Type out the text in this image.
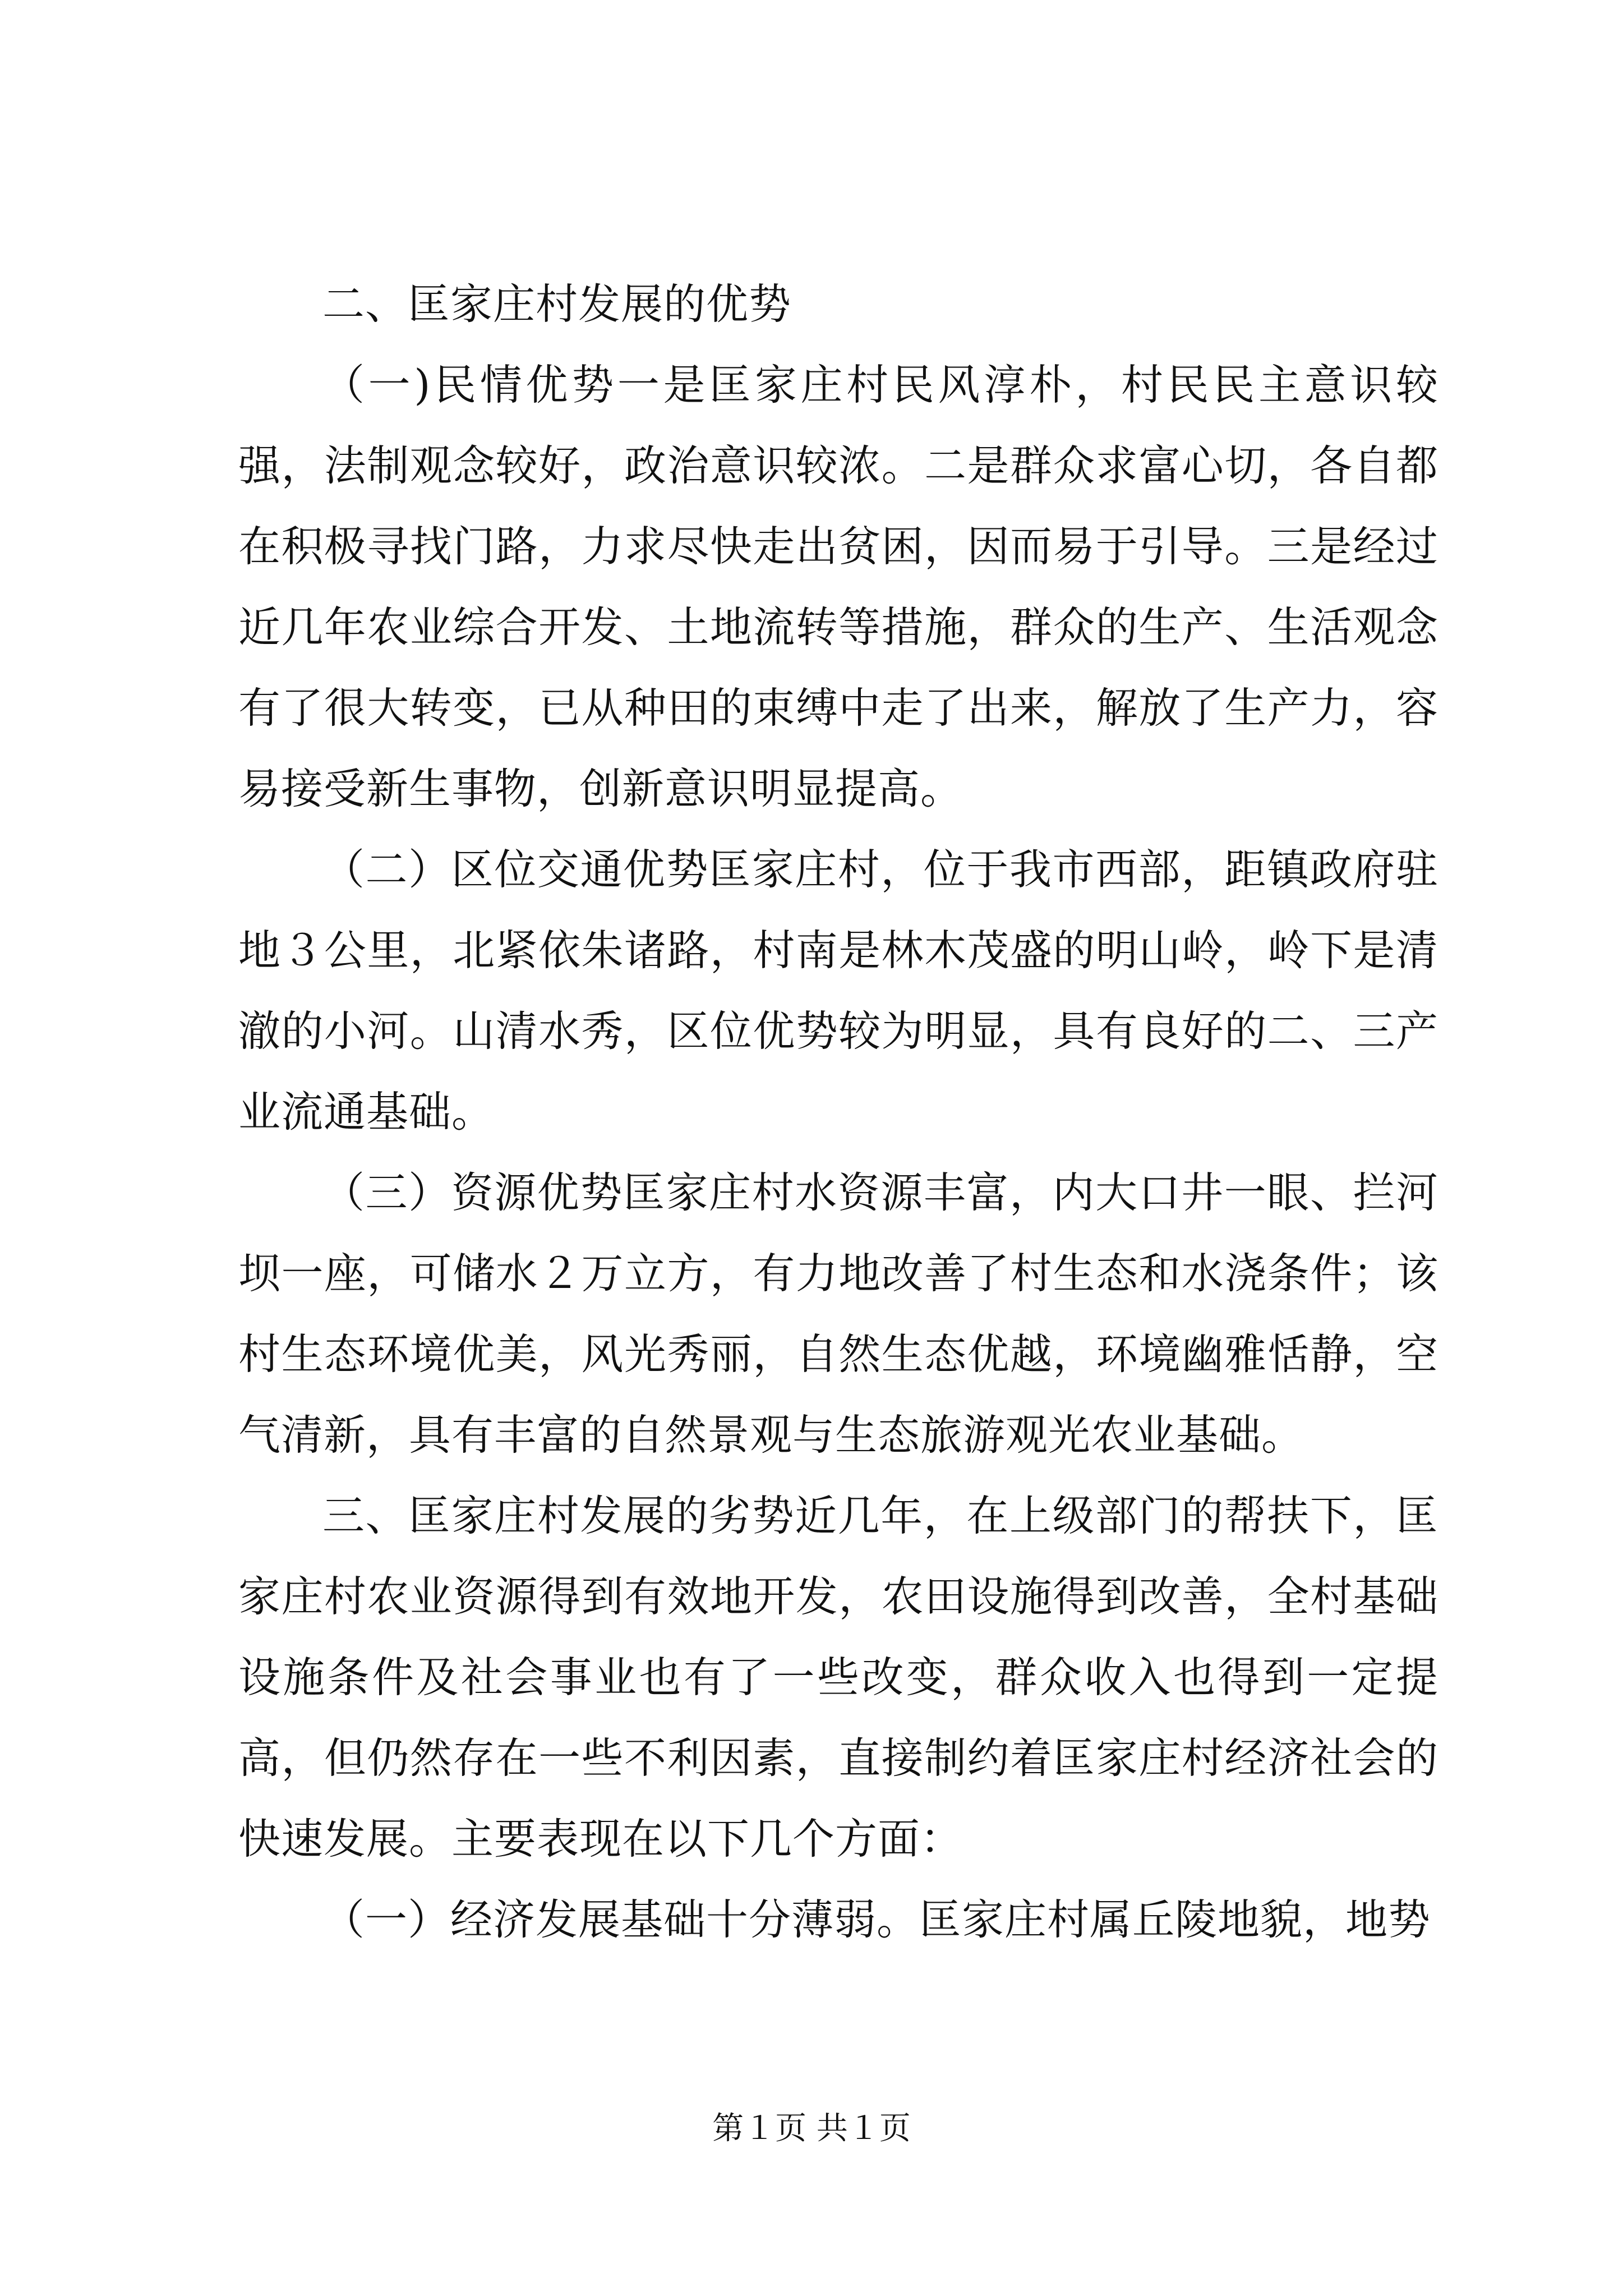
二、匡家庄村发展的优势

（一)民情优势一是匡家庄村民风淳朴，村民民主意识较强，法制观念较好，政治意识较浓。二是群众求富心切，各自都在积极寻找门路，力求尽快走出贫困，因而易于引导。三是经过近几年农业综合开发、土地流转等措施，群众的生产、生活观念有了很大转变，已从种田的束缚中走了出来，解放了生产力，容易接受新生事物，创新意识明显提高。

（二）区位交通优势匡家庄村，位于我市西部，距镇政府驻地３公里，北紧依朱诸路，村南是林木茂盛的明山岭，岭下是清澈的小河。山清水秀，区位优势较为明显，具有良好的二、三产业流通基础。

（三）资源优势匡家庄村水资源丰富，内大口井一眼、拦河坝一座，可储水２万立方，有力地改善了村生态和水浇条件；该村生态环境优美，风光秀丽，自然生态优越，环境幽雅恬静，空气清新，具有丰富的自然景观与生态旅游观光农业基础。

三、匡家庄村发展的劣势近几年，在上级部门的帮扶下，匡家庄村农业资源得到有效地开发，农田设施得到改善，全村基础设施条件及社会事业也有了一些改变，群众收入也得到一定提高，但仍然存在一些不利因素，直接制约着匡家庄村经济社会的快速发展。主要表现在以下几个方面：

（一）经济发展基础十分薄弱。匡家庄村属丘陵地貌，地势

第１页 共１页
